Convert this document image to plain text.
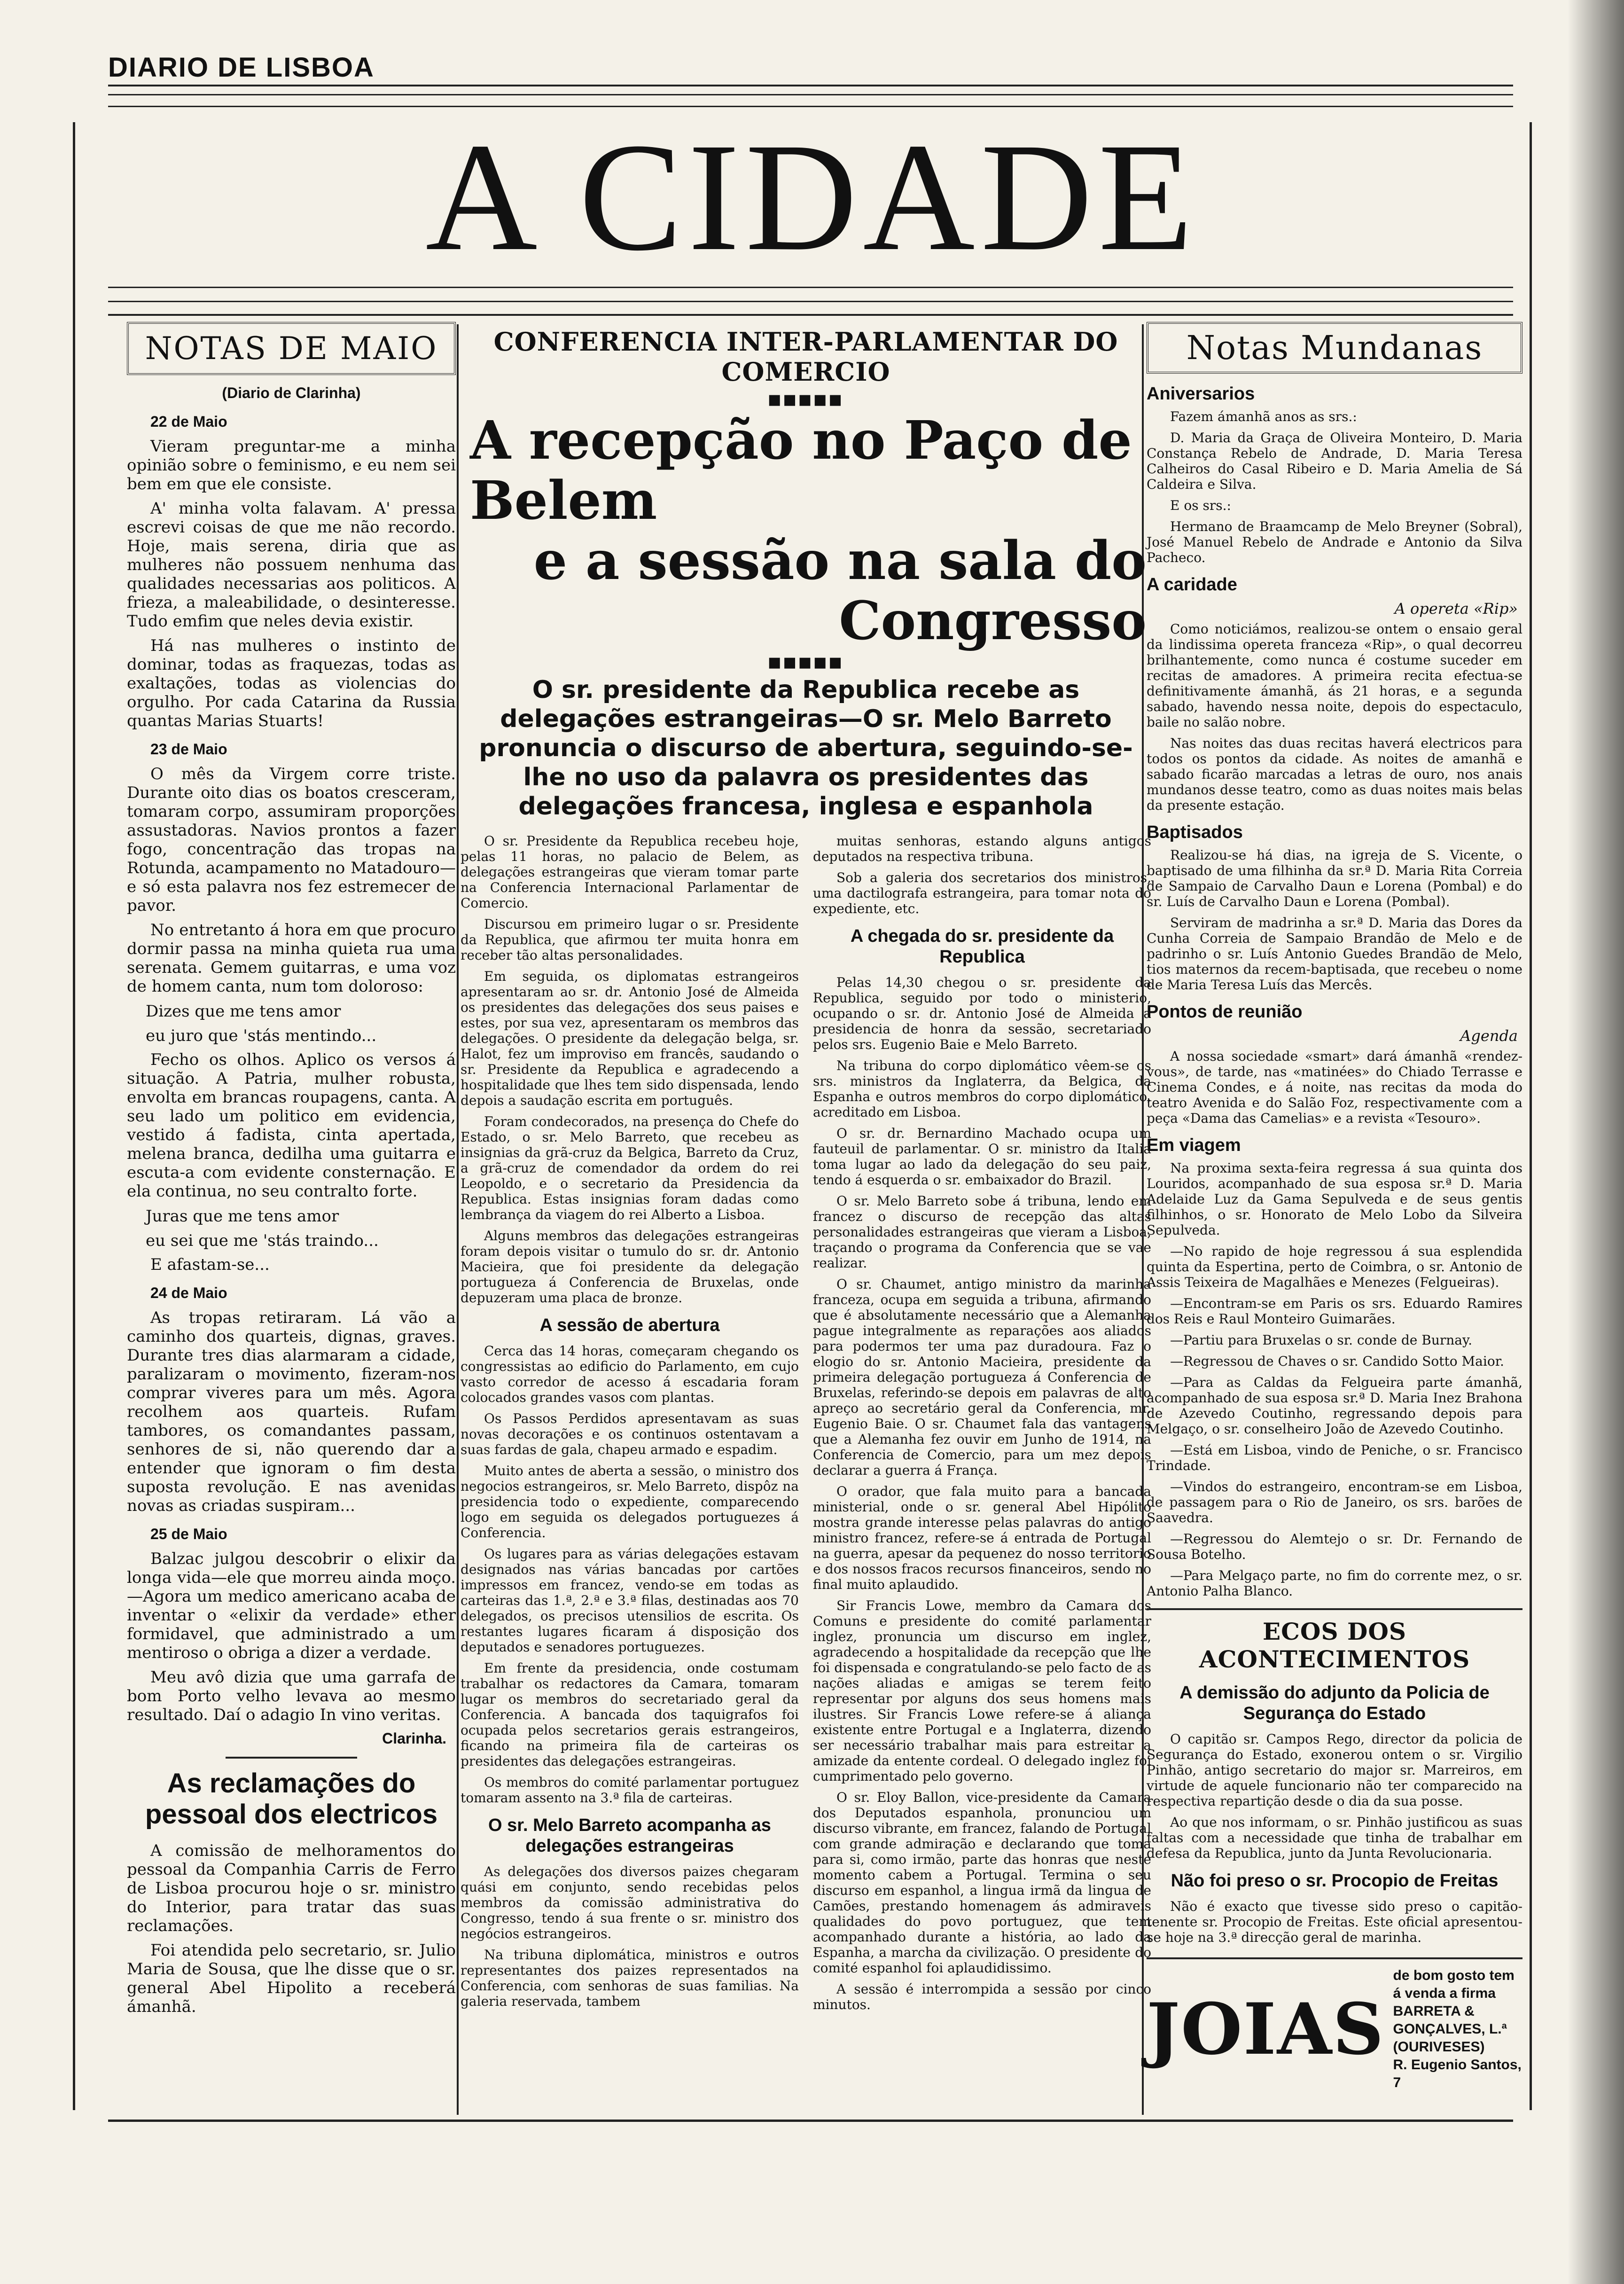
DIARIO DE LISBOA
A CIDADE
NOTAS DE MAIO
(Diario de Clarinha)
22 de Maio

Vieram preguntar-me a minha opinião sobre o feminismo, e eu nem sei bem em que ele consiste.

A' minha volta falavam. A' pressa escrevi coisas de que me não recordo. Hoje, mais serena, diria que as mulheres não possuem nenhuma das qualidades necessarias aos politicos. A frieza, a maleabilidade, o desinteresse. Tudo emfim que neles devia existir.

Há nas mulheres o instinto de dominar, todas as fraquezas, todas as exaltações, todas as violencias do orgulho. Por cada Catarina da Russia quantas Marias Stuarts!

23 de Maio

O mês da Virgem corre triste. Durante oito dias os boatos cresceram, tomaram corpo, assumiram proporções assustadoras. Navios prontos a fazer fogo, concentração das tropas na Rotunda, acampamento no Matadouro—e só esta palavra nos fez estremecer de pavor.

No entretanto á hora em que procuro dormir passa na minha quieta rua uma serenata. Gemem guitarras, e uma voz de homem canta, num tom doloroso:

Dizes que me tens amor
eu juro que 'stás mentindo...

Fecho os olhos. Aplico os versos á situação. A Patria, mulher robusta, envolta em brancas roupagens, canta. A seu lado um politico em evidencia, vestido á fadista, cinta apertada, melena branca, dedilha uma guitarra e escuta-a com evidente consternação. E ela continua, no seu contralto forte.

Juras que me tens amor
eu sei que me 'stás traindo...

E afastam-se...

24 de Maio

As tropas retiraram. Lá vão a caminho dos quarteis, dignas, graves. Durante tres dias alarmaram a cidade, paralizaram o movimento, fizeram-nos comprar viveres para um mês. Agora recolhem aos quarteis. Rufam tambores, os comandantes passam, senhores de si, não querendo dar a entender que ignoram o fim desta suposta revolução. E nas avenidas novas as criadas suspiram...

25 de Maio

Balzac julgou descobrir o elixir da longa vida—ele que morreu ainda moço.—Agora um medico americano acaba de inventar o «elixir da verdade» ether formidavel, que administrado a um mentiroso o obriga a dizer a verdade.

Meu avô dizia que uma garrafa de bom Porto velho levava ao mesmo resultado. Daí o adagio In vino veritas.

Clarinha.
As reclamações do pessoal dos electricos

A comissão de melhoramentos do pessoal da Companhia Carris de Ferro de Lisboa procurou hoje o sr. ministro do Interior, para tratar das suas reclamações.

Foi atendida pelo secretario, sr. Julio Maria de Sousa, que lhe disse que o sr. general Abel Hipolito a receberá ámanhã.

CONFERENCIA INTER-PARLAMENTAR DO COMERCIO
■■■■■
A recepção no Paço de Belem
e a sessão na sala do Congresso
■■■■■
O sr. presidente da Republica recebe as delegações estrangeiras—O sr. Melo Barreto pronuncia o discurso de abertura, seguindo-se-lhe no uso da palavra os presidentes das delegações francesa, inglesa e espanhola

O sr. Presidente da Republica recebeu hoje, pelas 11 horas, no palacio de Belem, as delegações estrangeiras que vieram tomar parte na Conferencia Internacional Parlamentar de Comercio.

Discursou em primeiro lugar o sr. Presidente da Republica, que afirmou ter muita honra em receber tão altas personalidades.

Em seguida, os diplomatas estrangeiros apresentaram ao sr. dr. Antonio José de Almeida os presidentes das delegações dos seus paises e estes, por sua vez, apresentaram os membros das delegações. O presidente da delegação belga, sr. Halot, fez um improviso em francês, saudando o sr. Presidente da Republica e agradecendo a hospitalidade que lhes tem sido dispensada, lendo depois a saudação escrita em português.

Foram condecorados, na presença do Chefe do Estado, o sr. Melo Barreto, que recebeu as insignias da grã-cruz da Belgica, Barreto da Cruz, a grã-cruz de comendador da ordem do rei Leopoldo, e o secretario da Presidencia da Republica. Estas insignias foram dadas como lembrança da viagem do rei Alberto a Lisboa.

Alguns membros das delegações estrangeiras foram depois visitar o tumulo do sr. dr. Antonio Macieira, que foi presidente da delegação portugueza á Conferencia de Bruxelas, onde depuzeram uma placa de bronze.

A sessão de abertura

Cerca das 14 horas, começaram chegando os congressistas ao edificio do Parlamento, em cujo vasto corredor de acesso á escadaria foram colocados grandes vasos com plantas.

Os Passos Perdidos apresentavam as suas novas decorações e os continuos ostentavam a suas fardas de gala, chapeu armado e espadim.

Muito antes de aberta a sessão, o ministro dos negocios estrangeiros, sr. Melo Barreto, dispôz na presidencia todo o expediente, comparecendo logo em seguida os delegados portuguezes á Conferencia.

Os lugares para as várias delegações estavam designados nas várias bancadas por cartões impressos em francez, vendo-se em todas as carteiras das 1.ª, 2.ª e 3.ª filas, destinadas aos 70 delegados, os precisos utensilios de escrita. Os restantes lugares ficaram á disposição dos deputados e senadores portuguezes.

Em frente da presidencia, onde costumam trabalhar os redactores da Camara, tomaram lugar os membros do secretariado geral da Conferencia. A bancada dos taquigrafos foi ocupada pelos secretarios gerais estrangeiros, ficando na primeira fila de carteiras os presidentes das delegações estrangeiras.

Os membros do comité parlamentar portuguez tomaram assento na 3.ª fila de carteiras.

O sr. Melo Barreto acompanha as delegações estrangeiras

As delegações dos diversos paizes chegaram quási em conjunto, sendo recebidas pelos membros da comissão administrativa do Congresso, tendo á sua frente o sr. ministro dos negócios estrangeiros.

Na tribuna diplomática, ministros e outros representantes dos paizes representados na Conferencia, com senhoras de suas familias. Na galeria reservada, tambem

muitas senhoras, estando alguns antigos deputados na respectiva tribuna.

Sob a galeria dos secretarios dos ministros, uma dactilografa estrangeira, para tomar nota do expediente, etc.

A chegada do sr. presidente da Republica

Pelas 14,30 chegou o sr. presidente da Republica, seguido por todo o ministerio, ocupando o sr. dr. Antonio José de Almeida a presidencia de honra da sessão, secretariado pelos srs. Eugenio Baie e Melo Barreto.

Na tribuna do corpo diplomático vêem-se os srs. ministros da Inglaterra, da Belgica, da Espanha e outros membros do corpo diplomático, acreditado em Lisboa.

O sr. dr. Bernardino Machado ocupa um fauteuil de parlamentar. O sr. ministro da Italia toma lugar ao lado da delegação do seu paiz, tendo á esquerda o sr. embaixador do Brazil.

O sr. Melo Barreto sobe á tribuna, lendo em francez o discurso de recepção das altas personalidades estrangeiras que vieram a Lisboa, traçando o programa da Conferencia que se vae realizar.

O sr. Chaumet, antigo ministro da marinha franceza, ocupa em seguida a tribuna, afirmando que é absolutamente necessário que a Alemanha pague integralmente as reparações aos aliados para podermos ter uma paz duradoura. Faz o elogio do sr. Antonio Macieira, presidente da primeira delegação portugueza á Conferencia de Bruxelas, referindo-se depois em palavras de alto apreço ao secretário geral da Conferencia, mr. Eugenio Baie. O sr. Chaumet fala das vantagens que a Alemanha fez ouvir em Junho de 1914, na Conferencia de Comercio, para um mez depois declarar a guerra á França.

O orador, que fala muito para a bancada ministerial, onde o sr. general Abel Hipólito mostra grande interesse pelas palavras do antigo ministro francez, refere-se á entrada de Portugal na guerra, apesar da pequenez do nosso territorio e dos nossos fracos recursos financeiros, sendo no final muito aplaudido.

Sir Francis Lowe, membro da Camara dos Comuns e presidente do comité parlamentar inglez, pronuncia um discurso em inglez, agradecendo a hospitalidade da recepção que lhe foi dispensada e congratulando-se pelo facto de as nações aliadas e amigas se terem feito representar por alguns dos seus homens mais ilustres. Sir Francis Lowe refere-se á aliança existente entre Portugal e a Inglaterra, dizendo ser necessário trabalhar mais para estreitar a amizade da entente cordeal. O delegado inglez foi cumprimentado pelo governo.

O sr. Eloy Ballon, vice-presidente da Camara dos Deputados espanhola, pronunciou um discurso vibrante, em francez, falando de Portugal com grande admiração e declarando que toma para si, como irmão, parte das honras que neste momento cabem a Portugal. Termina o seu discurso em espanhol, a lingua irmã da lingua de Camões, prestando homenagem ás admiraveis qualidades do povo portuguez, que tem acompanhado durante a história, ao lado da Espanha, a marcha da civilização. O presidente do comité espanhol foi aplaudidissimo.

A sessão é interrompida a sessão por cinco minutos.

Notas Mundanas
Aniversarios

Fazem ámanhã anos as srs.:

D. Maria da Graça de Oliveira Monteiro, D. Maria Constança Rebelo de Andrade, D. Maria Teresa Calheiros do Casal Ribeiro e D. Maria Amelia de Sá Caldeira e Silva.

E os srs.:

Hermano de Braamcamp de Melo Breyner (Sobral), José Manuel Rebelo de Andrade e Antonio da Silva Pacheco.

A caridade
A opereta «Rip»

Como noticiámos, realizou-se ontem o ensaio geral da lindissima opereta franceza «Rip», o qual decorreu brilhantemente, como nunca é costume suceder em recitas de amadores. A primeira recita efectua-se definitivamente ámanhã, ás 21 horas, e a segunda sabado, havendo nessa noite, depois do espectaculo, baile no salão nobre.

Nas noites das duas recitas haverá electricos para todos os pontos da cidade. As noites de amanhã e sabado ficarão marcadas a letras de ouro, nos anais mundanos desse teatro, como as duas noites mais belas da presente estação.

Baptisados

Realizou-se há dias, na igreja de S. Vicente, o baptisado de uma filhinha da sr.ª D. Maria Rita Correia de Sampaio de Carvalho Daun e Lorena (Pombal) e do sr. Luís de Carvalho Daun e Lorena (Pombal).

Serviram de madrinha a sr.ª D. Maria das Dores da Cunha Correia de Sampaio Brandão de Melo e de padrinho o sr. Luís Antonio Guedes Brandão de Melo, tios maternos da recem-baptisada, que recebeu o nome de Maria Teresa Luís das Mercês.

Pontos de reunião
Agenda

A nossa sociedade «smart» dará ámanhã «rendez-vous», de tarde, nas «matinées» do Chiado Terrasse e Cinema Condes, e á noite, nas recitas da moda do teatro Avenida e do Salão Foz, respectivamente com a peça «Dama das Camelias» e a revista «Tesouro».

Em viagem

Na proxima sexta-feira regressa á sua quinta dos Louridos, acompanhado de sua esposa sr.ª D. Maria Adelaide Luz da Gama Sepulveda e de seus gentis filhinhos, o sr. Honorato de Melo Lobo da Silveira Sepulveda.

—No rapido de hoje regressou á sua esplendida quinta da Espertina, perto de Coimbra, o sr. Antonio de Assis Teixeira de Magalhães e Menezes (Felgueiras).

—Encontram-se em Paris os srs. Eduardo Ramires dos Reis e Raul Monteiro Guimarães.

—Partiu para Bruxelas o sr. conde de Burnay.

—Regressou de Chaves o sr. Candido Sotto Maior.

—Para as Caldas da Felgueira parte ámanhã, acompanhado de sua esposa sr.ª D. Maria Inez Brahona de Azevedo Coutinho, regressando depois para Melgaço, o sr. conselheiro João de Azevedo Coutinho.

—Está em Lisboa, vindo de Peniche, o sr. Francisco Trindade.

—Vindos do estrangeiro, encontram-se em Lisboa, de passagem para o Rio de Janeiro, os srs. barões de Saavedra.

—Regressou do Alemtejo o sr. Dr. Fernando de Sousa Botelho.

—Para Melgaço parte, no fim do corrente mez, o sr. Antonio Palha Blanco.

ECOS DOS ACONTECIMENTOS
A demissão do adjunto da Policia de Segurança do Estado

O capitão sr. Campos Rego, director da policia de Segurança do Estado, exonerou ontem o sr. Virgilio Pinhão, antigo secretario do major sr. Marreiros, em virtude de aquele funcionario não ter comparecido na respectiva repartição desde o dia da sua posse.

Ao que nos informam, o sr. Pinhão justificou as suas faltas com a necessidade que tinha de trabalhar em defesa da Republica, junto da Junta Revolucionaria.

Não foi preso o sr. Procopio de Freitas

Não é exacto que tivesse sido preso o capitão-tenente sr. Procopio de Freitas. Este oficial apresentou-se hoje na 3.ª direcção geral de marinha.

JOIAS
de bom gosto tem á venda a firma
BARRETA & GONÇALVES, L.ª
(OURIVESES)
R. Eugenio Santos, 7
